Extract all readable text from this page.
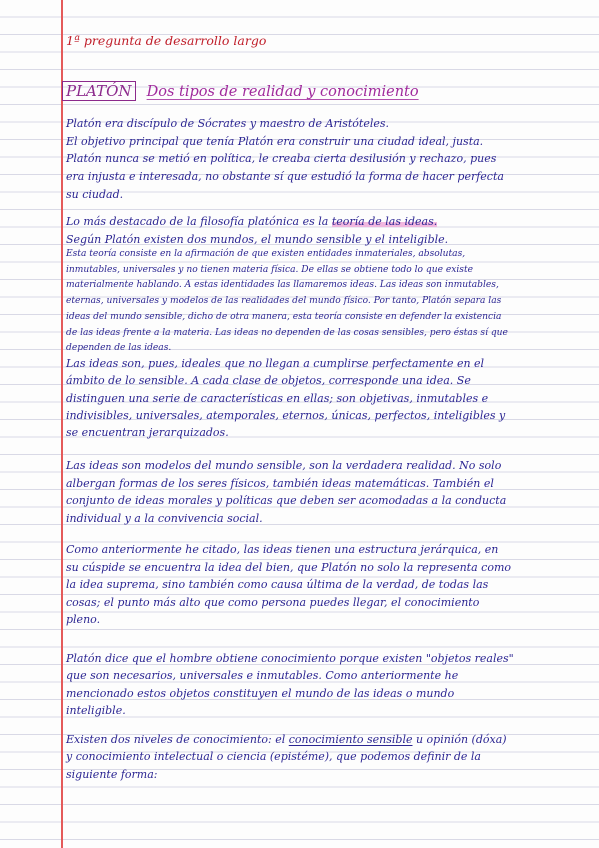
1ª pregunta de desarrollo largo
PLATÓN Dos tipos de realidad y conocimiento
Platón era discípulo de Sócrates y maestro de Aristóteles.
El objetivo principal que tenía Platón era construir una ciudad ideal, justa.
Platón nunca se metió en política, le creaba cierta desilusión y rechazo, pues era injusta e interesada, no obstante sí que estudió la forma de hacer perfecta su ciudad.
Lo más destacado de la filosofía platónica es la teoría de las ideas.
Según Platón existen dos mundos, el mundo sensible y el inteligible.
Esta teoría consiste en la afirmación de que existen entidades inmateriales, absolutas, inmutables, universales y no tienen materia física. De ellas se obtiene todo lo que existe materialmente hablando. A estas identidades las llamaremos ideas. Las ideas son inmutables, eternas, universales y modelos de las realidades del mundo físico. Por tanto, Platón separa las ideas del mundo sensible, dicho de otra manera, esta teoría consiste en defender la existencia de las ideas frente a la materia. Las ideas no dependen de las cosas sensibles, pero éstas sí que dependen de las ideas.
Las ideas son, pues, ideales que no llegan a cumplirse perfectamente en el ámbito de lo sensible. A cada clase de objetos, corresponde una idea. Se distinguen una serie de características en ellas; son objetivas, inmutables e indivisibles, universales, atemporales, eternos, únicas, perfectos, inteligibles y se encuentran jerarquizados.
Las ideas son modelos del mundo sensible, son la verdadera realidad. No solo albergan formas de los seres físicos, también ideas matemáticas. También el conjunto de ideas morales y políticas que deben ser acomodadas a la conducta individual y a la convivencia social.
Como anteriormente he citado, las ideas tienen una estructura jerárquica, en su cúspide se encuentra la idea del bien, que Platón no solo la representa como la idea suprema, sino también como causa última de la verdad, de todas las cosas; el punto más alto que como persona puedes llegar, el conocimiento pleno.
Platón dice que el hombre obtiene conocimiento porque existen "objetos reales" que son necesarios, universales e inmutables. Como anteriormente he mencionado estos objetos constituyen el mundo de las ideas o mundo inteligible.
Existen dos niveles de conocimiento: el conocimiento sensible u opinión (dóxa) y conocimiento intelectual o ciencia (epistéme), que podemos definir de la siguiente forma:
